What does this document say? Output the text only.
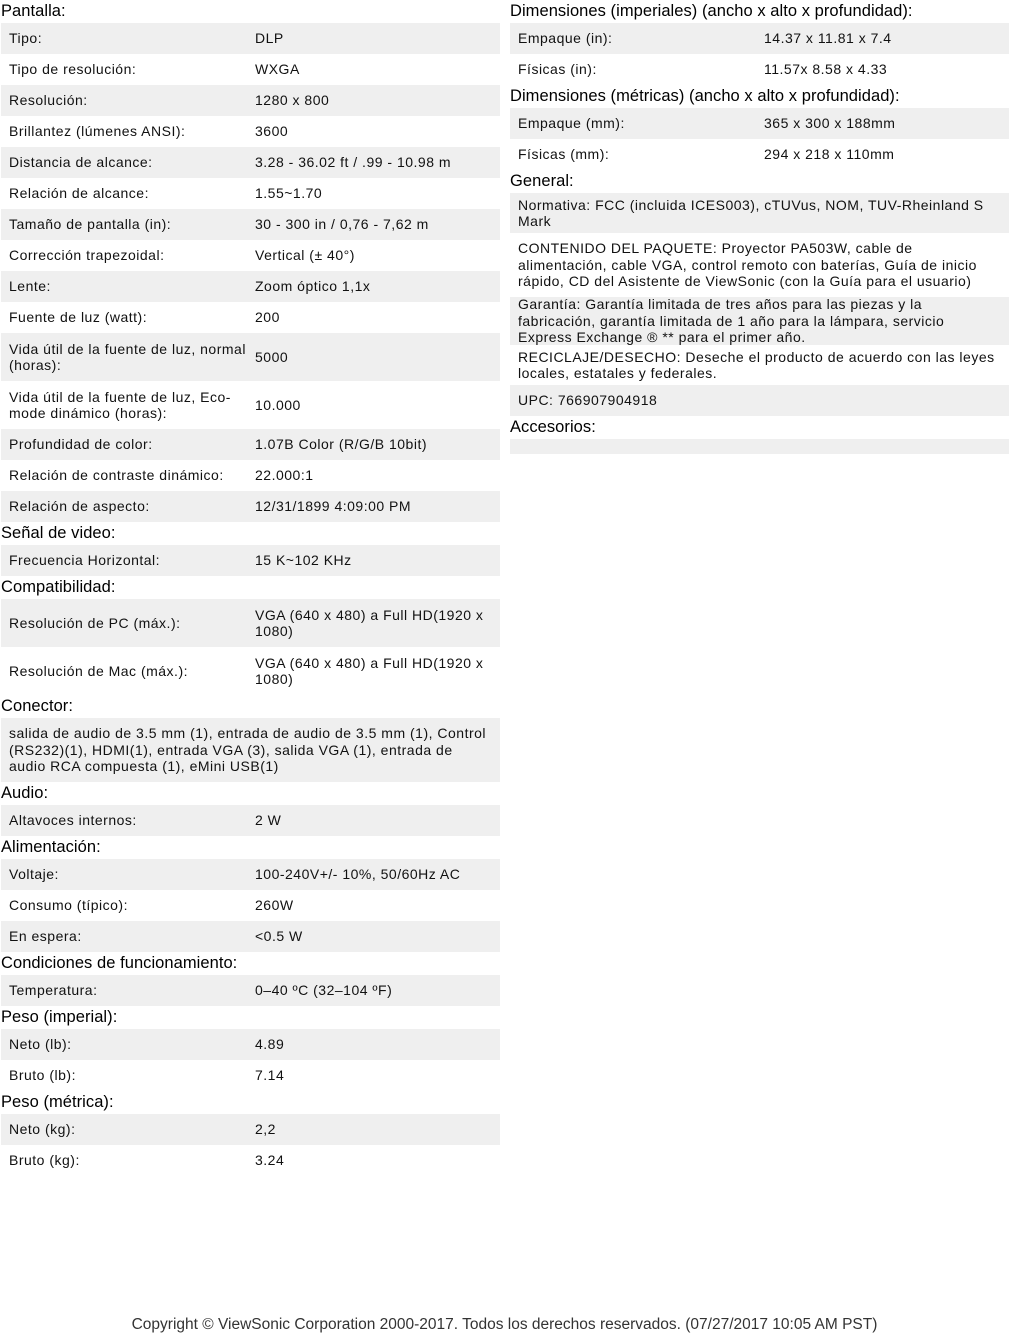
Pantalla:
Tipo:	DLP
Tipo de resolución:	WXGA
Resolución:	1280 x 800
Brillantez (lúmenes ANSI):	3600
Distancia de alcance:	3.28 - 36.02 ft / .99 - 10.98 m
Relación de alcance:	1.55~1.70
Tamaño de pantalla (in):	30 - 300 in / 0,76 - 7,62 m
Corrección trapezoidal:	Vertical (± 40°)
Lente:	Zoom óptico 1,1x
Fuente de luz (watt):	200
Vida útil de la fuente de luz, normal (horas):
5000
Vida útil de la fuente de luz, Eco-mode dinámico (horas):
10.000
Profundidad de color:	1.07B Color (R/G/B 10bit)
Relación de contraste dinámico:	22.000:1
Relación de aspecto:	12/31/1899 4:09:00 PM
Señal de video:
Frecuencia Horizontal:	15 K~102 KHz
Compatibilidad:
Resolución de PC (máx.):
VGA (640 x 480) a Full HD(1920 x 1080)
Resolución de Mac (máx.):
VGA (640 x 480) a Full HD(1920 x 1080)
Conector:
salida de audio de 3.5 mm (1), entrada de audio de 3.5 mm (1), Control (RS232)(1), HDMI(1), entrada VGA (3), salida VGA (1), entrada de audio RCA compuesta (1), eMini USB(1)
Audio:
Altavoces internos:	2 W
Alimentación:
Voltaje:	100-240V+/- 10%, 50/60Hz AC
Consumo (típico):	260W
En espera:	<0.5 W
Condiciones de funcionamiento:
Temperatura:	0–40 ºC (32–104 ºF)
Peso (imperial):
Neto (lb):	4.89
Bruto (lb):	7.14
Peso (métrica):
Neto (kg):	2,2
Bruto (kg):	3.24
Dimensiones (imperiales) (ancho x alto x profundidad):
Empaque (in):	14.37 x 11.81 x 7.4
Físicas (in):	11.57x 8.58 x 4.33
Dimensiones (métricas) (ancho x alto x profundidad):
Empaque (mm):	365 x 300 x 188mm
Físicas (mm):	294 x 218 x 110mm
General:
Normativa: FCC (incluida ICES003), cTUVus, NOM, TUV-Rheinland S Mark
CONTENIDO DEL PAQUETE: Proyector PA503W, cable de alimentación, cable VGA, control remoto con baterías, Guía de inicio rápido, CD del Asistente de ViewSonic (con la Guía para el usuario)
Garantía: Garantía limitada de tres años para las piezas y la fabricación, garantía limitada de 1 año para la lámpara, servicio Express Exchange ® ** para el primer año.
RECICLAJE/DESECHO: Deseche el producto de acuerdo con las leyes locales, estatales y federales.
UPC: 766907904918
Accesorios:
Copyright © ViewSonic Corporation 2000-2017. Todos los derechos reservados. (07/27/2017 10:05 AM PST)
